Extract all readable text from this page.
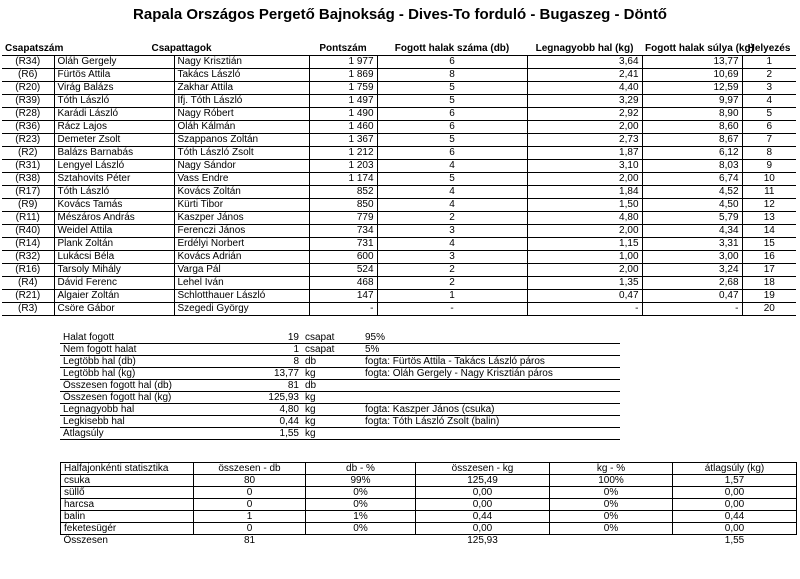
Rapala Országos Pergető Bajnokság - Dives-To forduló - Bugaszeg - Döntő
Csapatszám	Csapattagok		Pontszám	Fogott halak száma (db)	Legnagyobb hal (kg)	Fogott halak súlya (kg)	Helyezés
(R34)	Oláh Gergely	Nagy Krisztián	1 977	6	3,64	13,77	1
(R6)	Fürtös Attila	Takács László	1 869	8	2,41	10,69	2
(R20)	Virág Balázs	Zakhar Attila	1 759	5	4,40	12,59	3
(R39)	Tóth László	Ifj. Tóth László	1 497	5	3,29	9,97	4
(R28)	Karádi László	Nagy Róbert	1 490	6	2,92	8,90	5
(R36)	Rácz Lajos	Oláh Kálmán	1 460	6	2,00	8,60	6
(R23)	Demeter Zsolt	Szappanos Zoltán	1 367	5	2,73	8,67	7
(R2)	Balázs Barnabás	Tóth László Zsolt	1 212	6	1,87	6,12	8
(R31)	Lengyel László	Nagy Sándor	1 203	4	3,10	8,03	9
(R38)	Sztahovits Péter	Vass Endre	1 174	5	2,00	6,74	10
(R17)	Tóth László	Kovács Zoltán	852	4	1,84	4,52	11
(R9)	Kovács Tamás	Kürti Tibor	850	4	1,50	4,50	12
(R11)	Mészáros András	Kaszper János	779	2	4,80	5,79	13
(R40)	Weidel Attila	Ferenczi János	734	3	2,00	4,34	14
(R14)	Plank Zoltán	Erdélyi Norbert	731	4	1,15	3,31	15
(R32)	Lukácsi Béla	Kovács Adrián	600	3	1,00	3,00	16
(R16)	Tarsoly Mihály	Varga Pál	524	2	2,00	3,24	17
(R4)	Dávid Ferenc	Lehel Iván	468	2	1,35	2,68	18
(R21)	Algaier Zoltán	Schlotthauer László	147	1	0,47	0,47	19
(R3)	Csöre Gábor	Szegedi György	-	-	-	-	20
Halat fogott	19	csapat	95%
Nem fogott halat	1	csapat	5%
Legtöbb hal (db)	8	db	fogta: Fürtös Attila - Takács László páros
Legtöbb hal (kg)	13,77	kg	fogta: Oláh Gergely - Nagy Krisztián páros
Összesen fogott hal (db)	81	db	
Összesen fogott hal (kg)	125,93	kg	
Legnagyobb hal	4,80	kg	fogta: Kaszper János (csuka)
Legkisebb hal	0,44	kg	fogta: Tóth László Zsolt (balin)
Átlagsúly	1,55	kg	
Halfajonkénti statisztika	összesen - db	db - %	összesen - kg	kg - %	átlagsúly (kg)
csuka	80	99%	125,49	100%	1,57
süllő	0	0%	0,00	0%	0,00
harcsa	0	0%	0,00	0%	0,00
balin	1	1%	0,44	0%	0,44
feketesügér	0	0%	0,00	0%	0,00
Összesen	81		125,93		1,55
